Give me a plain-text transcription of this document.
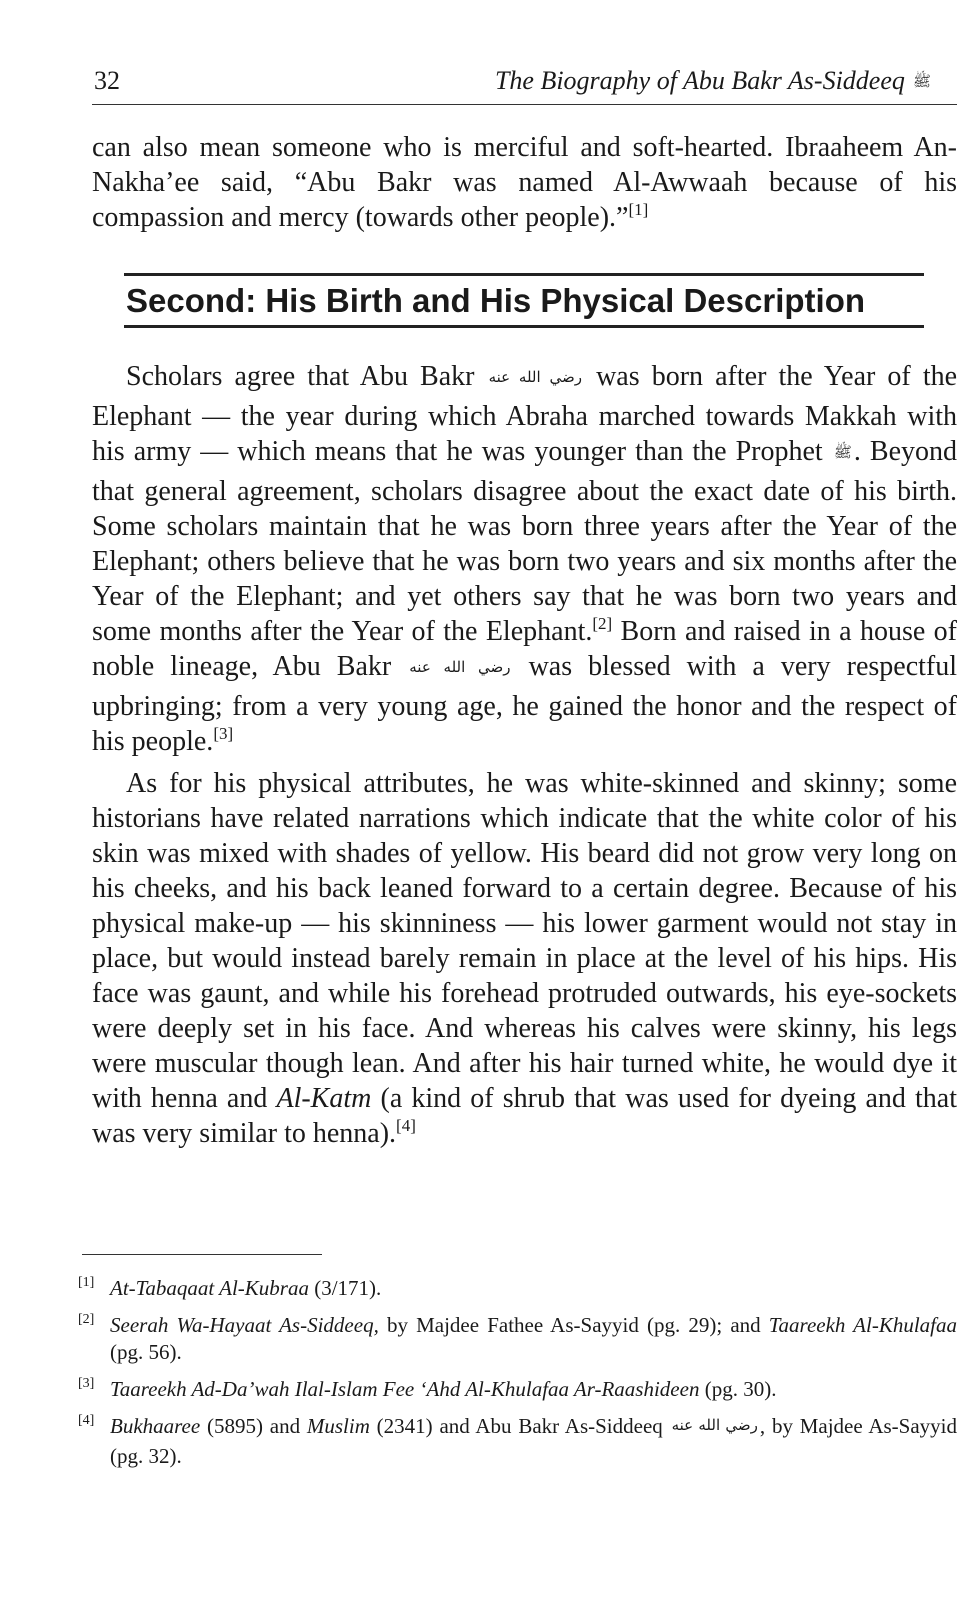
32	The Biography of Abu Bakr As-Siddeeq ﷺ
can also mean someone who is merciful and soft-hearted. Ibraaheem An-Nakha’ee said, “Abu Bakr was named Al-Awwaah because of his compassion and mercy (towards other people).”[1]
Second: His Birth and His Physical Description

Scholars agree that Abu Bakr رضي الله عنه was born after the Year of the Elephant — the year during which Abraha marched towards Makkah with his army — which means that he was younger than the Prophet ﷺ. Beyond that general agreement, scholars disagree about the exact date of his birth. Some scholars maintain that he was born three years after the Year of the Elephant; others believe that he was born two years and six months after the Year of the Elephant; and yet others say that he was born two years and some months after the Year of the Elephant.[2] Born and raised in a house of noble lineage, Abu Bakr رضي الله عنه was blessed with a very respectful upbringing; from a very young age, he gained the honor and the respect of his people.[3]

As for his physical attributes, he was white-skinned and skinny; some historians have related narrations which indicate that the white color of his skin was mixed with shades of yellow. His beard did not grow very long on his cheeks, and his back leaned forward to a certain degree. Because of his physical make-up — his skinniness — his lower garment would not stay in place, but would instead barely remain in place at the level of his hips. His face was gaunt, and while his forehead protruded outwards, his eye-sockets were deeply set in his face. And whereas his calves were skinny, his legs were muscular though lean. And after his hair turned white, he would dye it with henna and Al-Katm (a kind of shrub that was used for dyeing and that was very similar to henna).[4]

[1] At-Tabaqaat Al-Kubraa (3/171).
[2] Seerah Wa-Hayaat As-Siddeeq, by Majdee Fathee As-Sayyid (pg. 29); and Taareekh Al-Khulafaa (pg. 56).
[3] Taareekh Ad-Da’wah Ilal-Islam Fee ‘Ahd Al-Khulafaa Ar-Raashideen (pg. 30).
[4] Bukhaaree (5895) and Muslim (2341) and Abu Bakr As-Siddeeq رضي الله عنه, by Majdee As-Sayyid (pg. 32).
